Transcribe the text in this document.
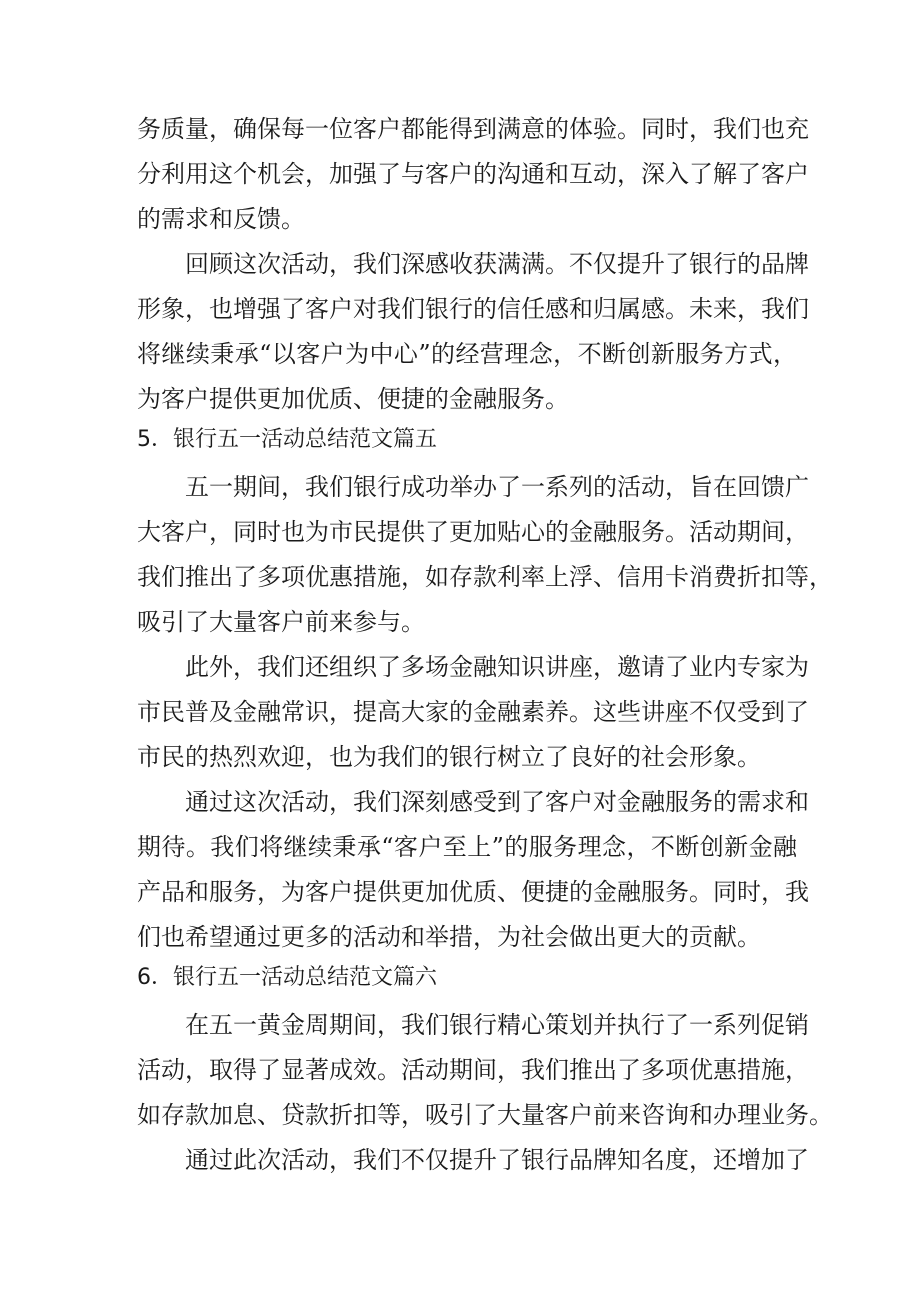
务质量，确保每一位客户都能得到满意的体验。同时，我们也充
分利用这个机会，加强了与客户的沟通和互动，深入了解了客户
的需求和反馈。
回顾这次活动，我们深感收获满满。不仅提升了银行的品牌
形象，也增强了客户对我们银行的信任感和归属感。未来，我们
将继续秉承“以客户为中心”的经营理念，不断创新服务方式，
为客户提供更加优质、便捷的金融服务。
5．银行五一活动总结范文篇五
五一期间，我们银行成功举办了一系列的活动，旨在回馈广
大客户，同时也为市民提供了更加贴心的金融服务。活动期间，
我们推出了多项优惠措施，如存款利率上浮、信用卡消费折扣等，
吸引了大量客户前来参与。
此外，我们还组织了多场金融知识讲座，邀请了业内专家为
市民普及金融常识，提高大家的金融素养。这些讲座不仅受到了
市民的热烈欢迎，也为我们的银行树立了良好的社会形象。
通过这次活动，我们深刻感受到了客户对金融服务的需求和
期待。我们将继续秉承“客户至上”的服务理念，不断创新金融
产品和服务，为客户提供更加优质、便捷的金融服务。同时，我
们也希望通过更多的活动和举措，为社会做出更大的贡献。
6．银行五一活动总结范文篇六
在五一黄金周期间，我们银行精心策划并执行了一系列促销
活动，取得了显著成效。活动期间，我们推出了多项优惠措施，
如存款加息、贷款折扣等，吸引了大量客户前来咨询和办理业务。
通过此次活动，我们不仅提升了银行品牌知名度，还增加了
